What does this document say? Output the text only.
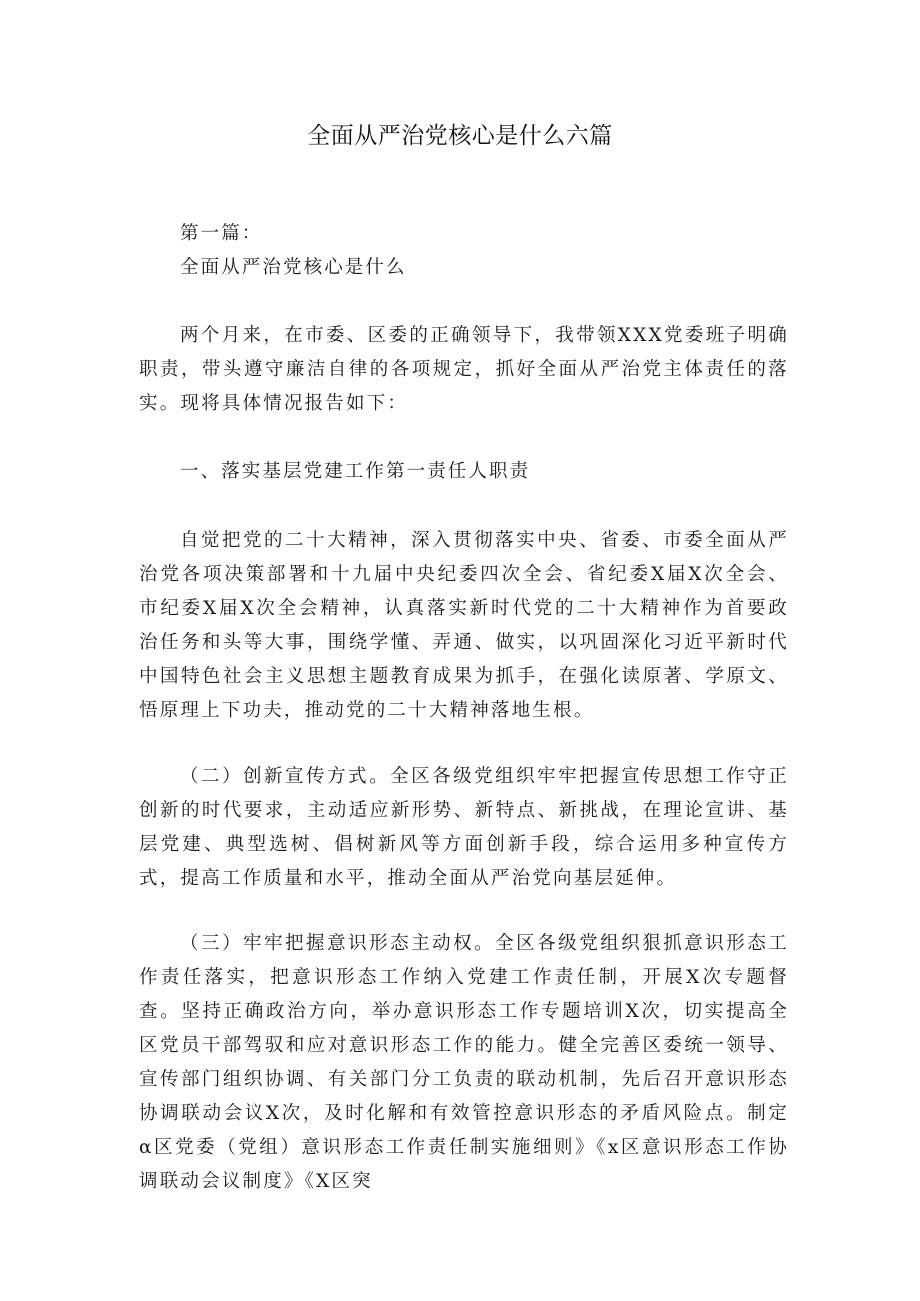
全面从严治党核心是什么六篇
第一篇：
全面从严治党核心是什么
两个月来，在市委、区委的正确领导下，我带领XXX党委班子明确职责，带头遵守廉洁自律的各项规定，抓好全面从严治党主体责任的落实。现将具体情况报告如下：
一、落实基层党建工作第一责任人职责
自觉把党的二十大精神，深入贯彻落实中央、省委、市委全面从严治党各项决策部署和十九届中央纪委四次全会、省纪委X届X次全会、市纪委X届X次全会精神，认真落实新时代党的二十大精神作为首要政治任务和头等大事，围绕学懂、弄通、做实，以巩固深化习近平新时代中国特色社会主义思想主题教育成果为抓手，在强化读原著、学原文、悟原理上下功夫，推动党的二十大精神落地生根。
（二）创新宣传方式。全区各级党组织牢牢把握宣传思想工作守正创新的时代要求，主动适应新形势、新特点、新挑战，在理论宣讲、基层党建、典型选树、倡树新风等方面创新手段，综合运用多种宣传方式，提高工作质量和水平，推动全面从严治党向基层延伸。
（三）牢牢把握意识形态主动权。全区各级党组织狠抓意识形态工作责任落实，把意识形态工作纳入党建工作责任制，开展X次专题督查。坚持正确政治方向，举办意识形态工作专题培训X次，切实提高全区党员干部驾驭和应对意识形态工作的能力。健全完善区委统一领导、宣传部门组织协调、有关部门分工负责的联动机制，先后召开意识形态协调联动会议X次，及时化解和有效管控意识形态的矛盾风险点。制定α区党委（党组）意识形态工作责任制实施细则》《x区意识形态工作协调联动会议制度》《X区突
